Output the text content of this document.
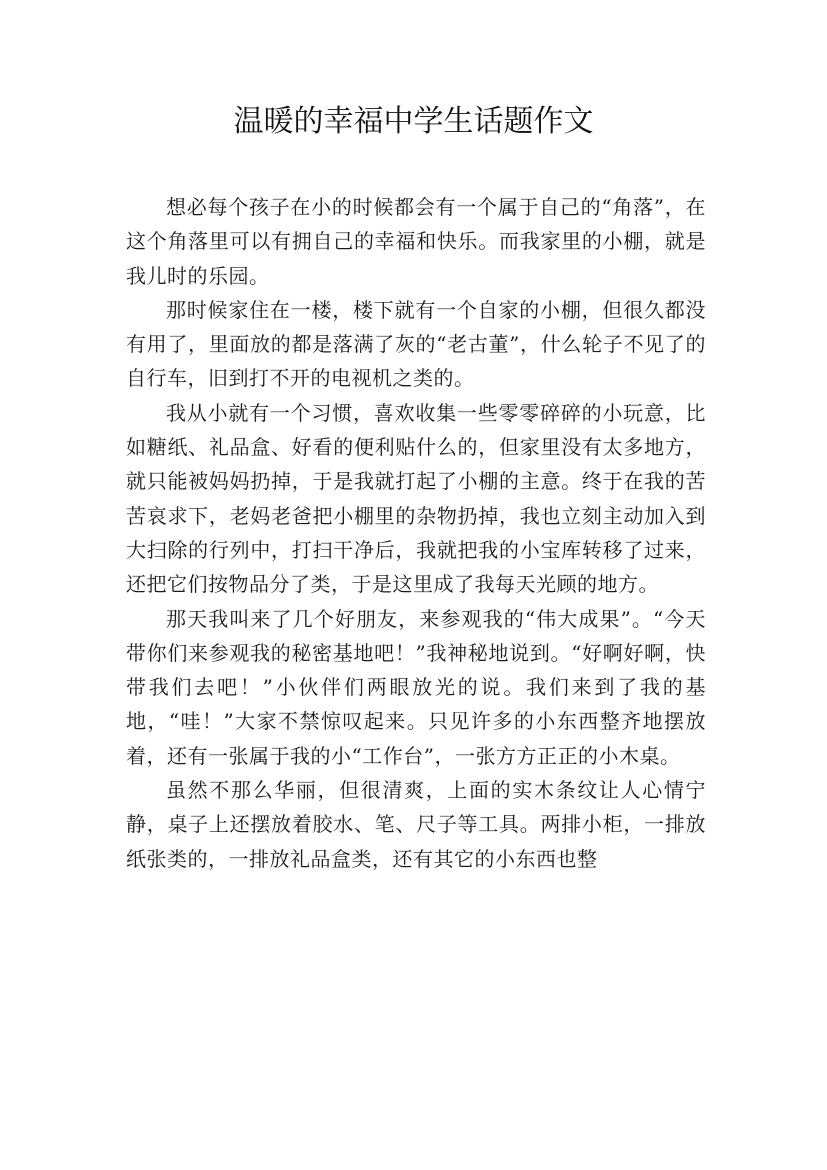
温暖的幸福中学生话题作文

想必每个孩子在小的时候都会有一个属于自己的“角落”，在这个角落里可以有拥自己的幸福和快乐。而我家里的小棚，就是我儿时的乐园。

那时候家住在一楼，楼下就有一个自家的小棚，但很久都没有用了，里面放的都是落满了灰的“老古董”，什么轮子不见了的自行车，旧到打不开的电视机之类的。

我从小就有一个习惯，喜欢收集一些零零碎碎的小玩意，比如糖纸、礼品盒、好看的便利贴什么的，但家里没有太多地方，就只能被妈妈扔掉，于是我就打起了小棚的主意。终于在我的苦苦哀求下，老妈老爸把小棚里的杂物扔掉，我也立刻主动加入到大扫除的行列中，打扫干净后，我就把我的小宝库转移了过来，还把它们按物品分了类，于是这里成了我每天光顾的地方。

那天我叫来了几个好朋友，来参观我的“伟大成果”。“今天带你们来参观我的秘密基地吧！”我神秘地说到。“好啊好啊，快带我们去吧！”小伙伴们两眼放光的说。我们来到了我的基地，“哇！”大家不禁惊叹起来。只见许多的小东西整齐地摆放着，还有一张属于我的小“工作台”，一张方方正正的小木桌。

虽然不那么华丽，但很清爽，上面的实木条纹让人心情宁静，桌子上还摆放着胶水、笔、尺子等工具。两排小柜，一排放纸张类的，一排放礼品盒类，还有其它的小东西也整
